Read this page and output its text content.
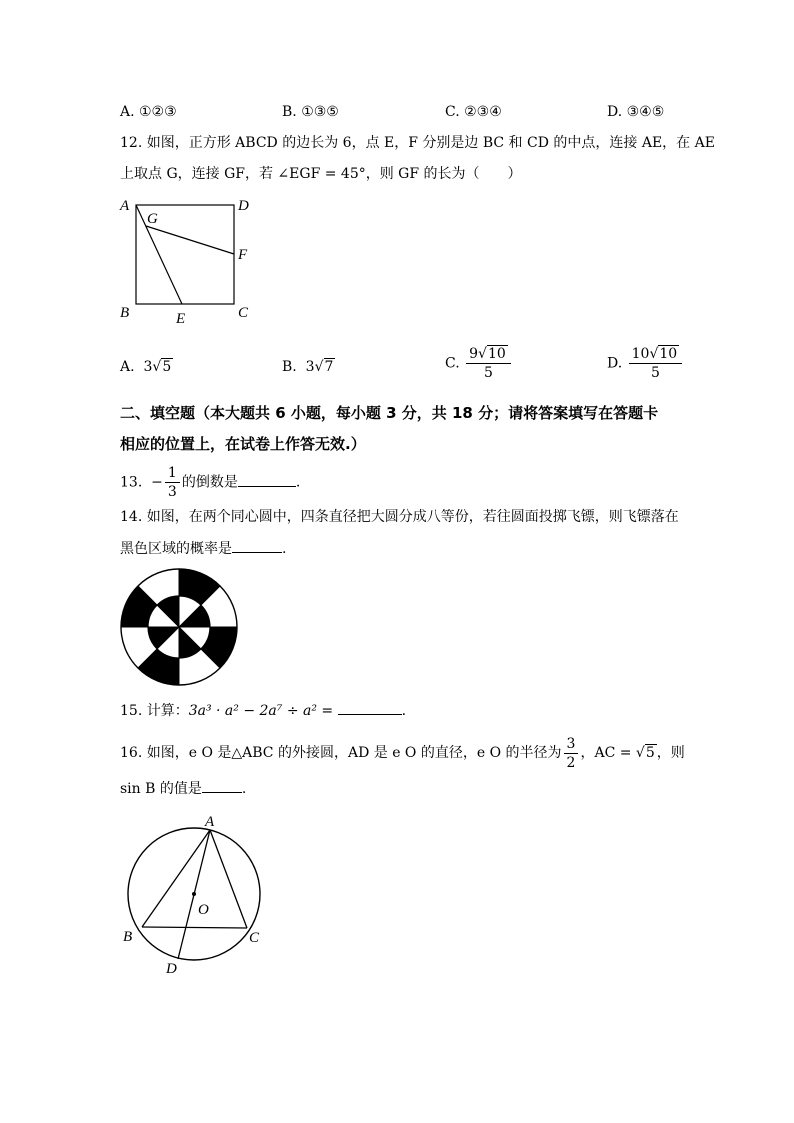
A. ①②③	B. ①③⑤	C. ②③④	D. ③④⑤
12. 如图，正方形 ABCD 的边长为 6，点 E，F 分别是边 BC 和 CD 的中点，连接 AE，在 AE
上取点 G，连接 GF，若 ∠EGF = 45°，则 GF 的长为（　　）
A	D
G
F
B	C
E
A. 3√5	B. 3√7	C. $\frac{9√10}{5}$	D. $\frac{10√10}{5}$
二、填空题（本大题共 6 小题，每小题 3 分，共 18 分；请将答案填写在答题卡
相应的位置上，在试卷上作答无效.）
13. − $\frac{1}{3}$ 的倒数是	.
14. 如图，在两个同心圆中，四条直径把大圆分成八等份，若往圆面投掷飞镖，则飞镖落在
黑色区域的概率是	.
15. 计算：3a³ · a² − 2a⁷ ÷ a² =	.
16. 如图，e O 是△ABC 的外接圆，AD 是 e O 的直径，e O 的半径为 $\frac{3}{2}$ ，AC = √5 ，则
sin B 的值是	.
A
B	C
D
O
